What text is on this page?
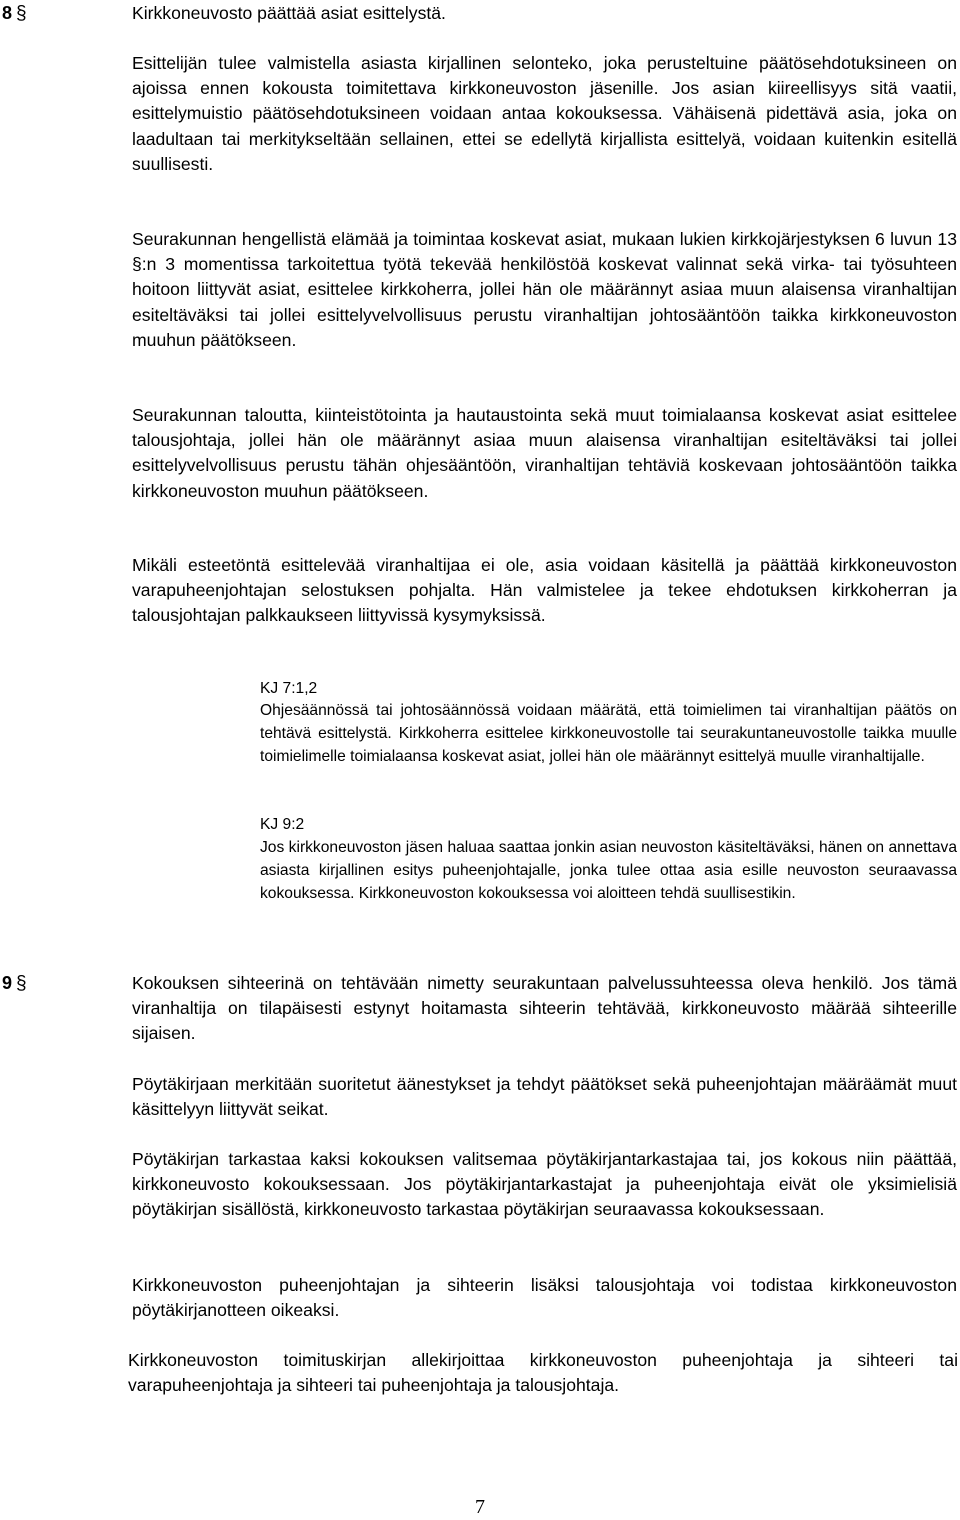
8 §	Kirkkoneuvosto päättää asiat esittelystä.

Esittelijän tulee valmistella asiasta kirjallinen selonteko, joka perusteltuine päätösehdotuksineen on ajoissa ennen kokousta toimitettava kirkkoneuvoston jäsenille. Jos asian kiireellisyys sitä vaatii, esittelymuistio päätösehdotuksineen voidaan antaa kokouksessa. Vähäisenä pidettävä asia, joka on laadultaan tai merkitykseltään sellainen, ettei se edellytä kirjallista esittelyä, voidaan kuitenkin esitellä suullisesti.

Seurakunnan hengellistä elämää ja toimintaa koskevat asiat, mukaan lukien kirkkojärjestyksen 6 luvun 13 §:n 3 momentissa tarkoitettua työtä tekevää henkilöstöä koskevat valinnat sekä virka- tai työsuhteen hoitoon liittyvät asiat, esittelee kirkkoherra, jollei hän ole määrännyt asiaa muun alaisensa viranhaltijan esiteltäväksi tai jollei esittelyvelvollisuus perustu viranhaltijan johtosääntöön taikka kirkkoneuvoston muuhun päätökseen.

Seurakunnan taloutta, kiinteistötointa ja hautaustointa sekä muut toimialaansa koskevat asiat esittelee talousjohtaja, jollei hän ole määrännyt asiaa muun alaisensa viranhaltijan esiteltäväksi tai jollei esittelyvelvollisuus perustu tähän ohjesääntöön, viranhaltijan tehtäviä koskevaan johtosääntöön taikka kirkkoneuvoston muuhun päätökseen.

Mikäli esteetöntä esittelevää viranhaltijaa ei ole, asia voidaan käsitellä ja päättää kirkkoneuvoston varapuheenjohtajan selostuksen pohjalta. Hän valmistelee ja tekee ehdotuksen kirkkoherran ja talousjohtajan palkkaukseen liittyvissä kysymyksissä.

KJ 7:1,2

Ohjesäännössä tai johtosäännössä voidaan määrätä, että toimielimen tai viranhaltijan päätös on tehtävä esittelystä. Kirkkoherra esittelee kirkkoneuvostolle tai seurakuntaneuvostolle taikka muulle toimielimelle toimialaansa koskevat asiat, jollei hän ole määrännyt esittelyä muulle viranhaltijalle.

KJ 9:2

Jos kirkkoneuvoston jäsen haluaa saattaa jonkin asian neuvoston käsiteltäväksi, hänen on annettava asiasta kirjallinen esitys puheenjohtajalle, jonka tulee ottaa asia esille neuvoston seuraavassa kokouksessa. Kirkkoneuvoston kokouksessa voi aloitteen tehdä suullisestikin.

9 §	Kokouksen sihteerinä on tehtävään nimetty seurakuntaan palvelussuhteessa oleva henkilö. Jos tämä viranhaltija on tilapäisesti estynyt hoitamasta sihteerin tehtävää, kirkkoneuvosto määrää sihteerille sijaisen.

Pöytäkirjaan merkitään suoritetut äänestykset ja tehdyt päätökset sekä puheenjohtajan määräämät muut käsittelyyn liittyvät seikat.

Pöytäkirjan tarkastaa kaksi kokouksen valitsemaa pöytäkirjantarkastajaa tai, jos kokous niin päättää, kirkkoneuvosto kokouksessaan. Jos pöytäkirjantarkastajat ja puheenjohtaja eivät ole yksimielisiä pöytäkirjan sisällöstä, kirkkoneuvosto tarkastaa pöytäkirjan seuraavassa kokouksessaan.

Kirkkoneuvoston puheenjohtajan ja sihteerin lisäksi talousjohtaja voi todistaa kirkkoneuvoston pöytäkirjanotteen oikeaksi.

Kirkkoneuvoston toimituskirjan allekirjoittaa kirkkoneuvoston puheenjohtaja ja sihteeri tai varapuheenjohtaja ja sihteeri tai puheenjohtaja ja talousjohtaja.

7
